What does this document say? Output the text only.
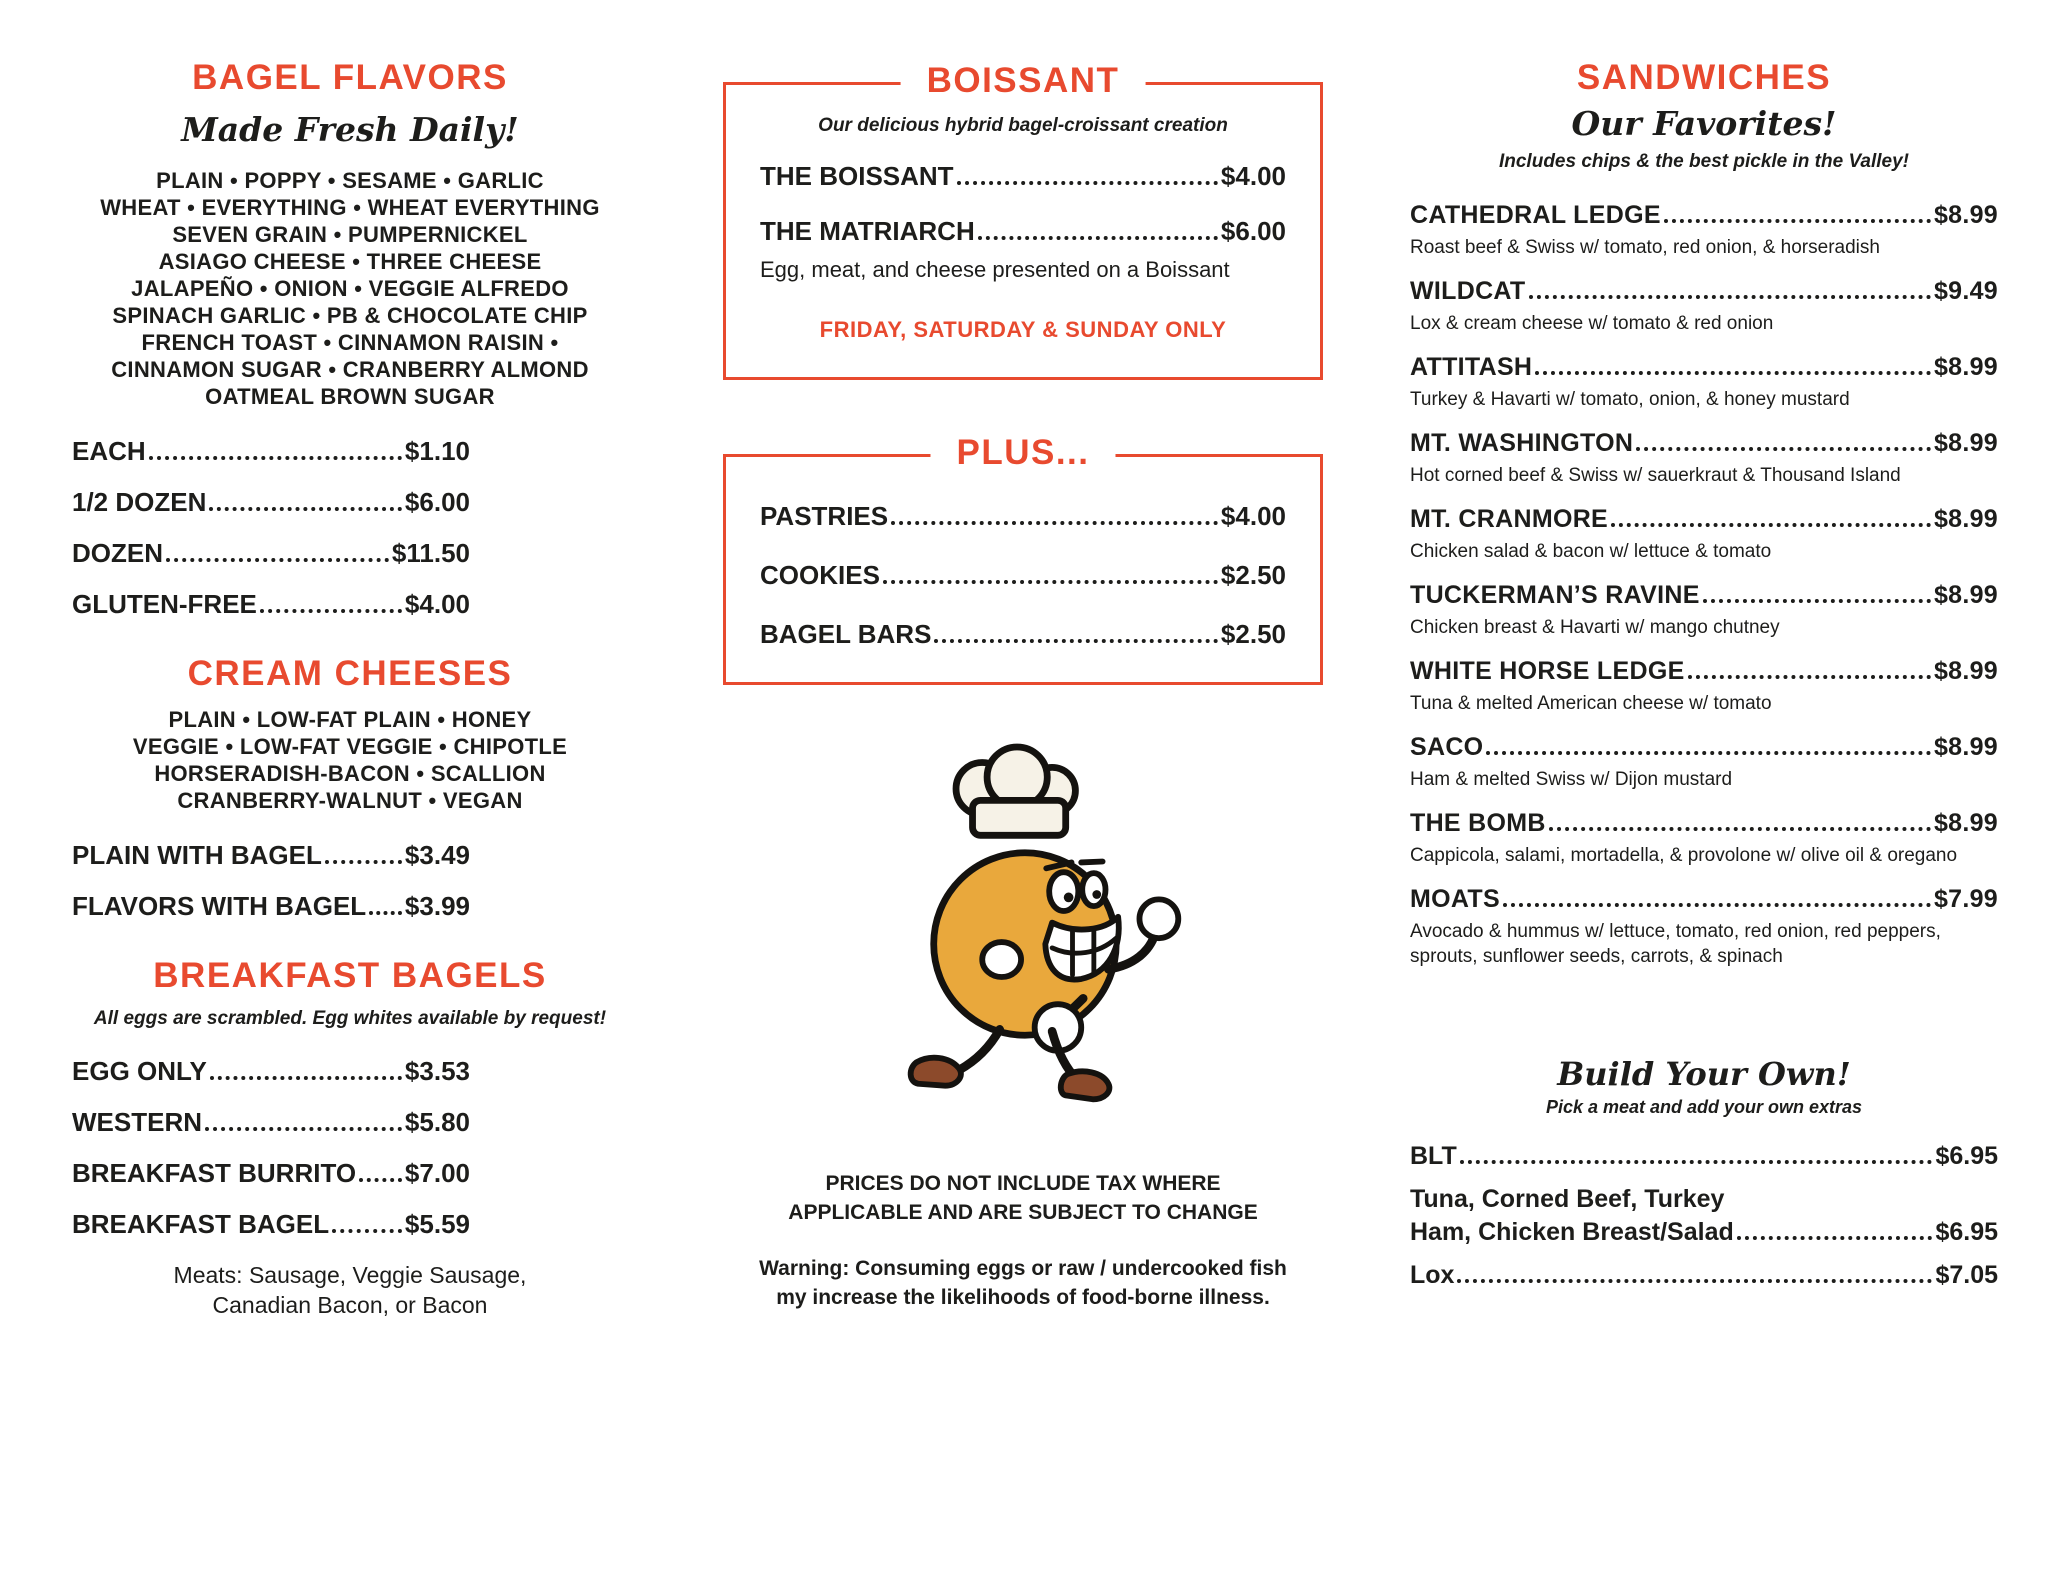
BAGEL FLAVORS
Made Fresh Daily!
PLAIN • POPPY • SESAME • GARLIC
WHEAT • EVERYTHING • WHEAT EVERYTHING
SEVEN GRAIN • PUMPERNICKEL
ASIAGO CHEESE • THREE CHEESE
JALAPEÑO • ONION • VEGGIE ALFREDO
SPINACH GARLIC • PB & CHOCOLATE CHIP
FRENCH TOAST • CINNAMON RAISIN •
CINNAMON SUGAR • CRANBERRY ALMOND
OATMEAL BROWN SUGAR
EACH	$1.10
1/2 DOZEN	$6.00
DOZEN	$11.50
GLUTEN-FREE	$4.00
CREAM CHEESES
PLAIN • LOW-FAT PLAIN • HONEY
VEGGIE • LOW-FAT VEGGIE • CHIPOTLE
HORSERADISH-BACON • SCALLION
CRANBERRY-WALNUT • VEGAN
PLAIN WITH BAGEL	$3.49
FLAVORS WITH BAGEL $3.99
BREAKFAST BAGELS
All eggs are scrambled. Egg whites available by request!
EGG ONLY	$3.53
WESTERN	$5.80
BREAKFAST BURRITO $7.00
BREAKFAST BAGEL	$5.59
Meats: Sausage, Veggie Sausage,
Canadian Bacon, or Bacon
BOISSANT
Our delicious hybrid bagel-croissant creation
THE BOISSANT	$4.00
THE MATRIARCH	$6.00
Egg, meat, and cheese presented on a Boissant
FRIDAY, SATURDAY & SUNDAY ONLY
PLUS...
PASTRIES	$4.00
COOKIES	$2.50
BAGEL BARS	$2.50
PRICES DO NOT INCLUDE TAX WHERE
APPLICABLE AND ARE SUBJECT TO CHANGE
Warning: Consuming eggs or raw / undercooked fish
my increase the likelihoods of food-borne illness.
SANDWICHES
Our Favorites!
Includes chips & the best pickle in the Valley!
CATHEDRAL LEDGE	$8.99
Roast beef & Swiss w/ tomato, red onion, & horseradish
WILDCAT	$9.49
Lox & cream cheese w/ tomato & red onion
ATTITASH	$8.99
Turkey & Havarti w/ tomato, onion, & honey mustard
MT. WASHINGTON	$8.99
Hot corned beef & Swiss w/ sauerkraut & Thousand Island
MT. CRANMORE	$8.99
Chicken salad & bacon w/ lettuce & tomato
TUCKERMAN’S RAVINE	$8.99
Chicken breast & Havarti w/ mango chutney
WHITE HORSE LEDGE	$8.99
Tuna & melted American cheese w/ tomato
SACO	$8.99
Ham & melted Swiss w/ Dijon mustard
THE BOMB	$8.99
Cappicola, salami, mortadella, & provolone w/ olive oil & oregano
MOATS	$7.99
Avocado & hummus w/ lettuce, tomato, red onion, red peppers, sprouts, sunflower seeds, carrots, & spinach
Build Your Own!
Pick a meat and add your own extras
BLT	$6.95
Tuna, Corned Beef, Turkey
Ham, Chicken Breast/Salad	$6.95
Lox	$7.05
